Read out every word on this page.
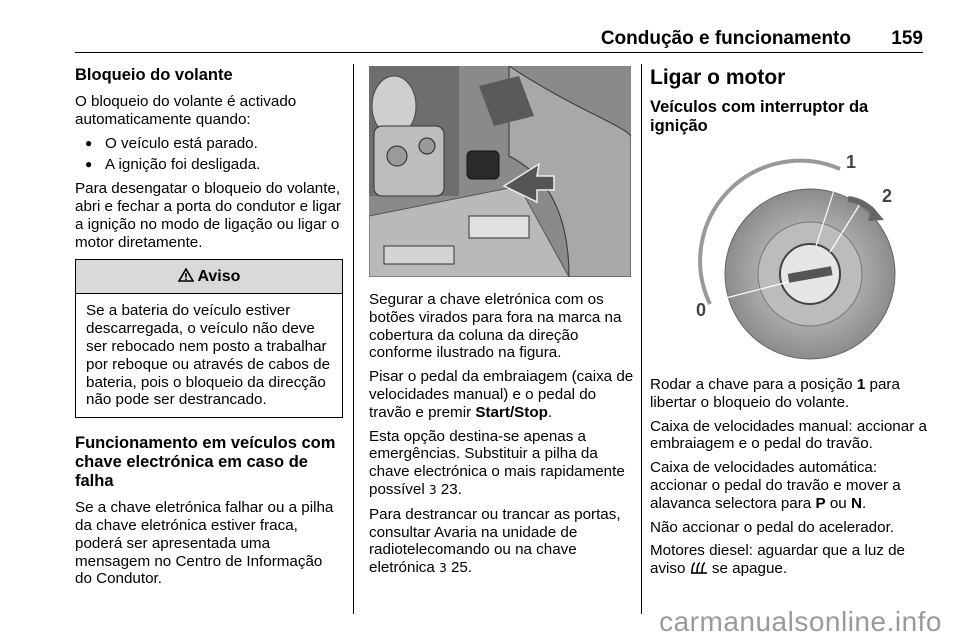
Condução e funcionamento 159
Bloqueio do volante

O bloqueio do volante é activado automaticamente quando:

● O veículo está parado.
● A ignição foi desligada.

Para desengatar o bloqueio do volante, abri e fechar a porta do condutor e ligar a ignição no modo de ligação ou ligar o motor diretamente.

Aviso
Se a bateria do veículo estiver descarregada, o veículo não deve ser rebocado nem posto a trabalhar por reboque ou através de cabos de bateria, pois o bloqueio da direcção não pode ser destrancado.
Funcionamento em veículos com chave electrónica em caso de falha

Se a chave eletrónica falhar ou a pilha da chave eletrónica estiver fraca, poderá ser apresentada uma mensagem no Centro de Informação do Condutor.

Segurar a chave eletrónica com os botões virados para fora na marca na cobertura da coluna da direção conforme ilustrado na figura.

Pisar o pedal da embraiagem (caixa de velocidades manual) e o pedal do travão e premir Start/Stop.

Esta opção destina-se apenas a emergências. Substituir a pilha da chave electrónica o mais rapidamente possível 3 23.

Para destrancar ou trancar as portas, consultar Avaria na unidade de radiotelecomando ou na chave eletrónica 3 25.

Ligar o motor
Veículos com interruptor da ignição
0
1
2

Rodar a chave para a posição 1 para libertar o bloqueio do volante.

Caixa de velocidades manual: accionar a embraiagem e o pedal do travão.

Caixa de velocidades automática: accionar o pedal do travão e mover a alavanca selectora para P ou N.

Não accionar o pedal do acelerador.

Motores diesel: aguardar que a luz de aviso  se apague.

carmanualsonline.info
